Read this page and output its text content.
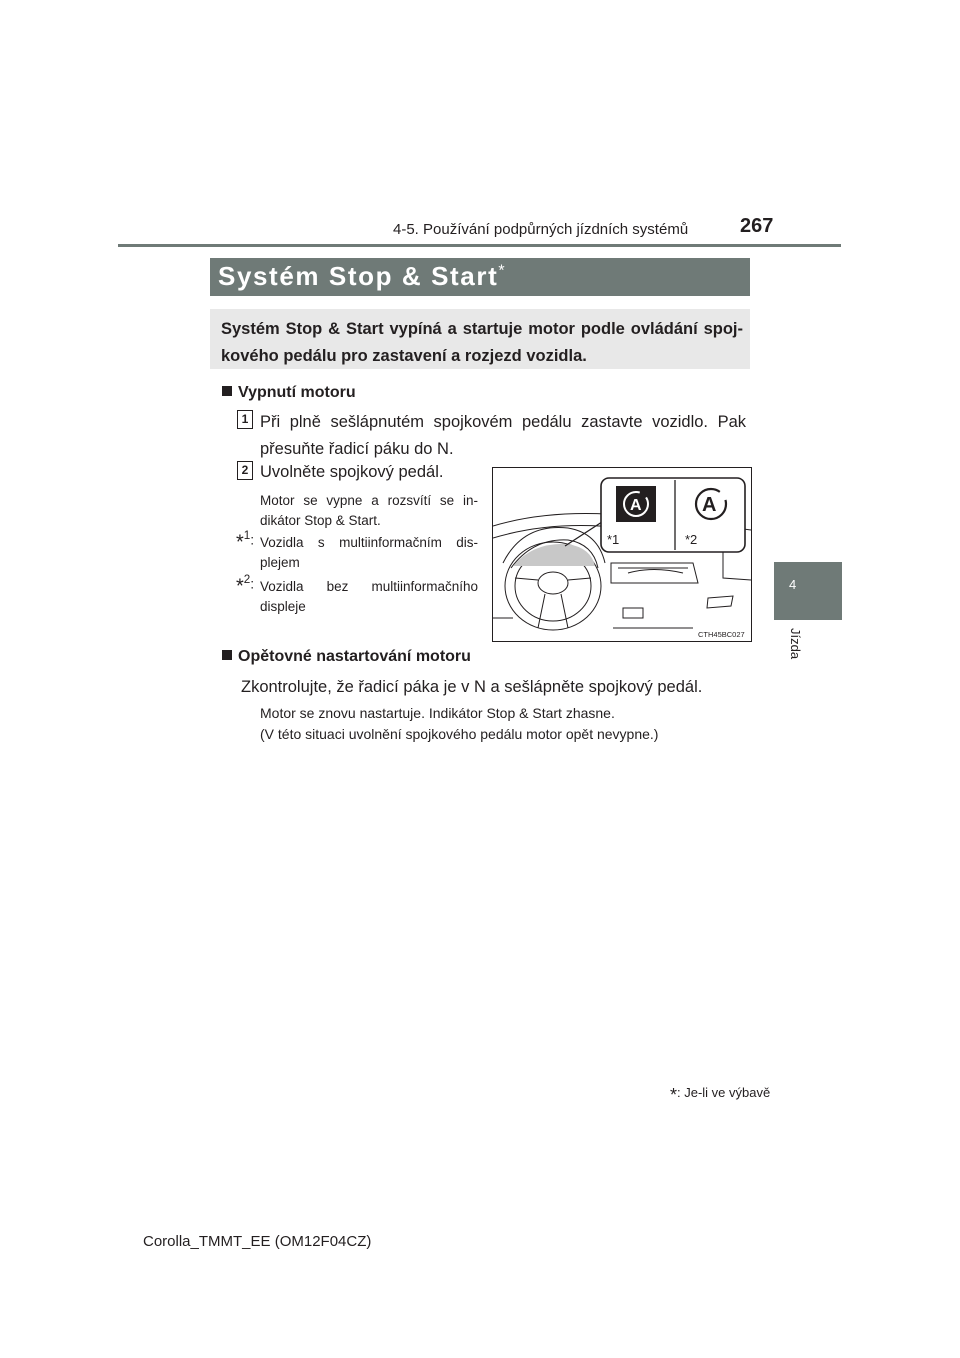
4-5. Používání podpůrných jízdních systémů	267
4
Jízda
Systém Stop & Start*
Systém Stop & Start vypíná a startuje motor podle ovládání spoj-kového pedálu pro zastavení a rozjezd vozidla.
Vypnutí motoru
1 Při plně sešlápnutém spojkovém pedálu zastavte vozidlo. Pak přesuňte řadicí páku do N.
2 Uvolněte spojkový pedál.
Motor se vypne a rozsvítí se in-dikátor Stop & Start.
*$^1$: Vozidla s multiinformačním dis-plejem
*$^2$: Vozidla bez multiinformačního displeje
A	A
*1	*2
CTH45BC027
Opětovné nastartování motoru
Zkontrolujte, že řadicí páka je v N a sešlápněte spojkový pedál.
Motor se znovu nastartuje. Indikátor Stop & Start zhasne.
(V této situaci uvolnění spojkového pedálu motor opět nevypne.)
*: Je-li ve výbavě
Corolla_TMMT_EE (OM12F04CZ)
